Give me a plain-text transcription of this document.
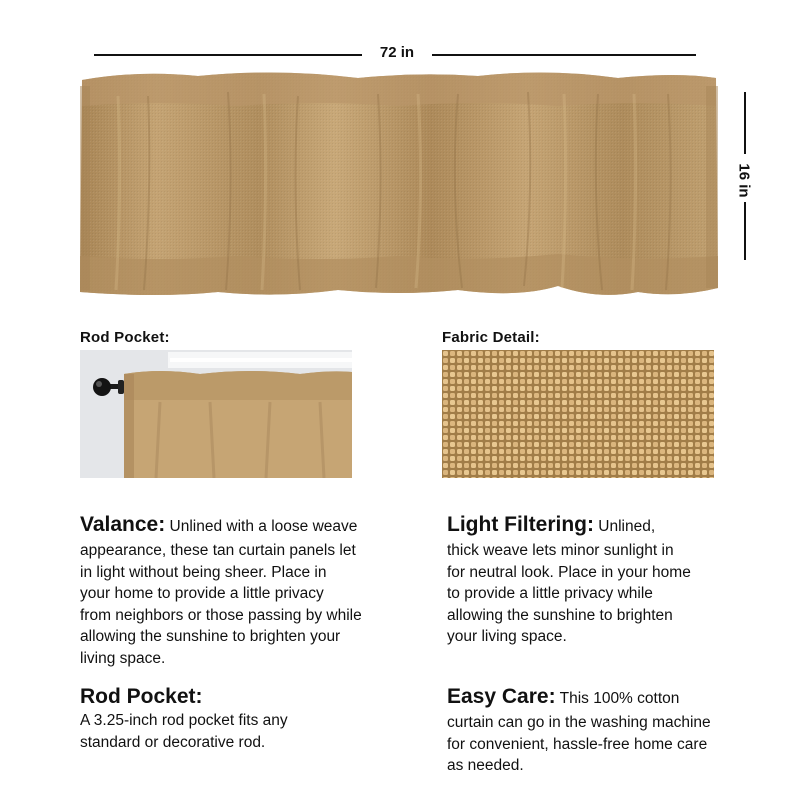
72 in
16 in
Rod Pocket:	Fabric Detail:
Valance: Unlined with a loose weave
appearance, these tan curtain panels let
in light without being sheer. Place in
your home to provide a little privacy
from neighbors or those passing by while
allowing the sunshine to brighten your
living space.
Light Filtering: Unlined,
thick weave lets minor sunlight in
for neutral look. Place in your home
to provide a little privacy while
allowing the sunshine to brighten
your living space.
Rod Pocket:
A 3.25-inch rod pocket fits any
standard or decorative rod.
Easy Care: This 100% cotton
curtain can go in the washing machine
for convenient, hassle-free home care
as needed.
